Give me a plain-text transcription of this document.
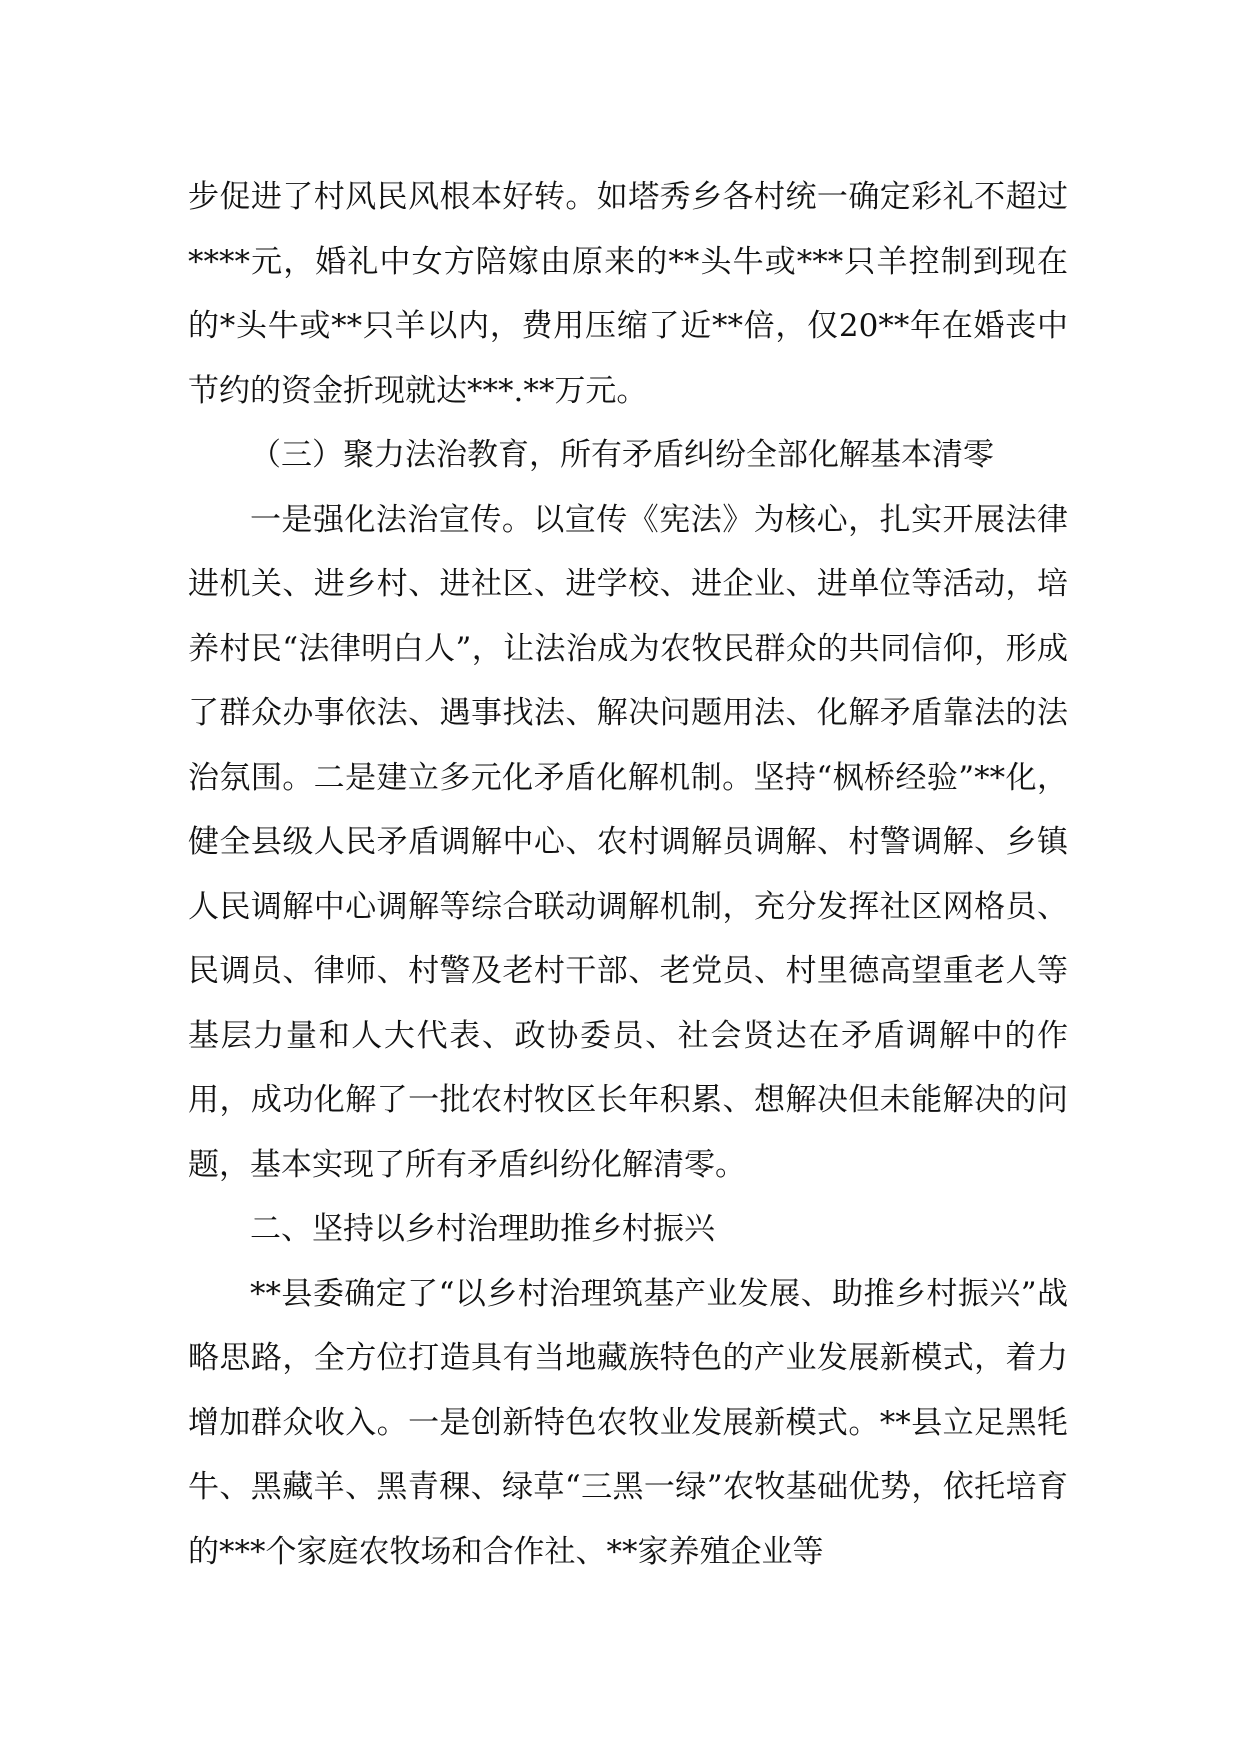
步促进了村风民风根本好转。如塔秀乡各村统一确定彩礼不超过****元，婚礼中女方陪嫁由原来的**头牛或***只羊控制到现在的*头牛或**只羊以内，费用压缩了近**倍，仅20**年在婚丧中节约的资金折现就达***.**万元。

（三）聚力法治教育，所有矛盾纠纷全部化解基本清零

一是强化法治宣传。以宣传《宪法》为核心，扎实开展法律进机关、进乡村、进社区、进学校、进企业、进单位等活动，培养村民“法律明白人”，让法治成为农牧民群众的共同信仰，形成了群众办事依法、遇事找法、解决问题用法、化解矛盾靠法的法治氛围。二是建立多元化矛盾化解机制。坚持“枫桥经验”**化，健全县级人民矛盾调解中心、农村调解员调解、村警调解、乡镇人民调解中心调解等综合联动调解机制，充分发挥社区网格员、民调员、律师、村警及老村干部、老党员、村里德高望重老人等基层力量和人大代表、政协委员、社会贤达在矛盾调解中的作用，成功化解了一批农村牧区长年积累、想解决但未能解决的问题，基本实现了所有矛盾纠纷化解清零。

二、坚持以乡村治理助推乡村振兴

**县委确定了“以乡村治理筑基产业发展、助推乡村振兴”战略思路，全方位打造具有当地藏族特色的产业发展新模式，着力增加群众收入。一是创新特色农牧业发展新模式。**县立足黑牦牛、黑藏羊、黑青稞、绿草“三黑一绿”农牧基础优势，依托培育的***个家庭农牧场和合作社、**家养殖企业等
